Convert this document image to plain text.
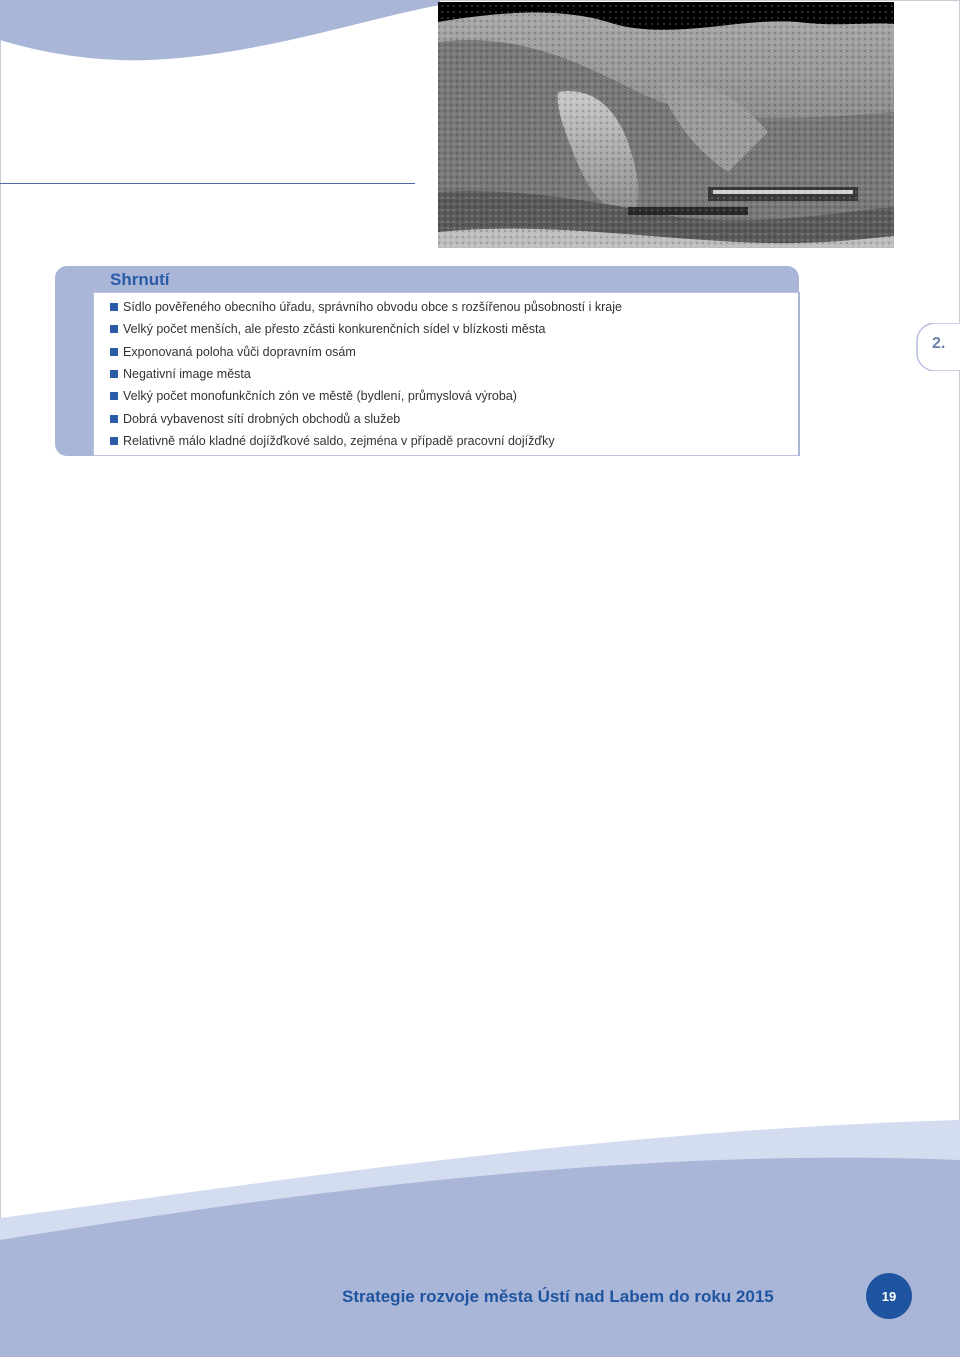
Shrnutí
Sídlo pověřeného obecního úřadu, správního obvodu obce s rozšířenou působností i kraje
Velký počet menších, ale přesto zčásti konkurenčních sídel v blízkosti města
Exponovaná poloha vůči dopravním osám
Negativní image města
Velký počet monofunkčních zón ve městě (bydlení, průmyslová výroba)
Dobrá vybavenost sítí drobných obchodů a služeb
Relativně málo kladné dojížďkové saldo, zejména v případě pracovní dojížďky
2.
Strategie rozvoje města Ústí nad Labem do roku 2015	19
